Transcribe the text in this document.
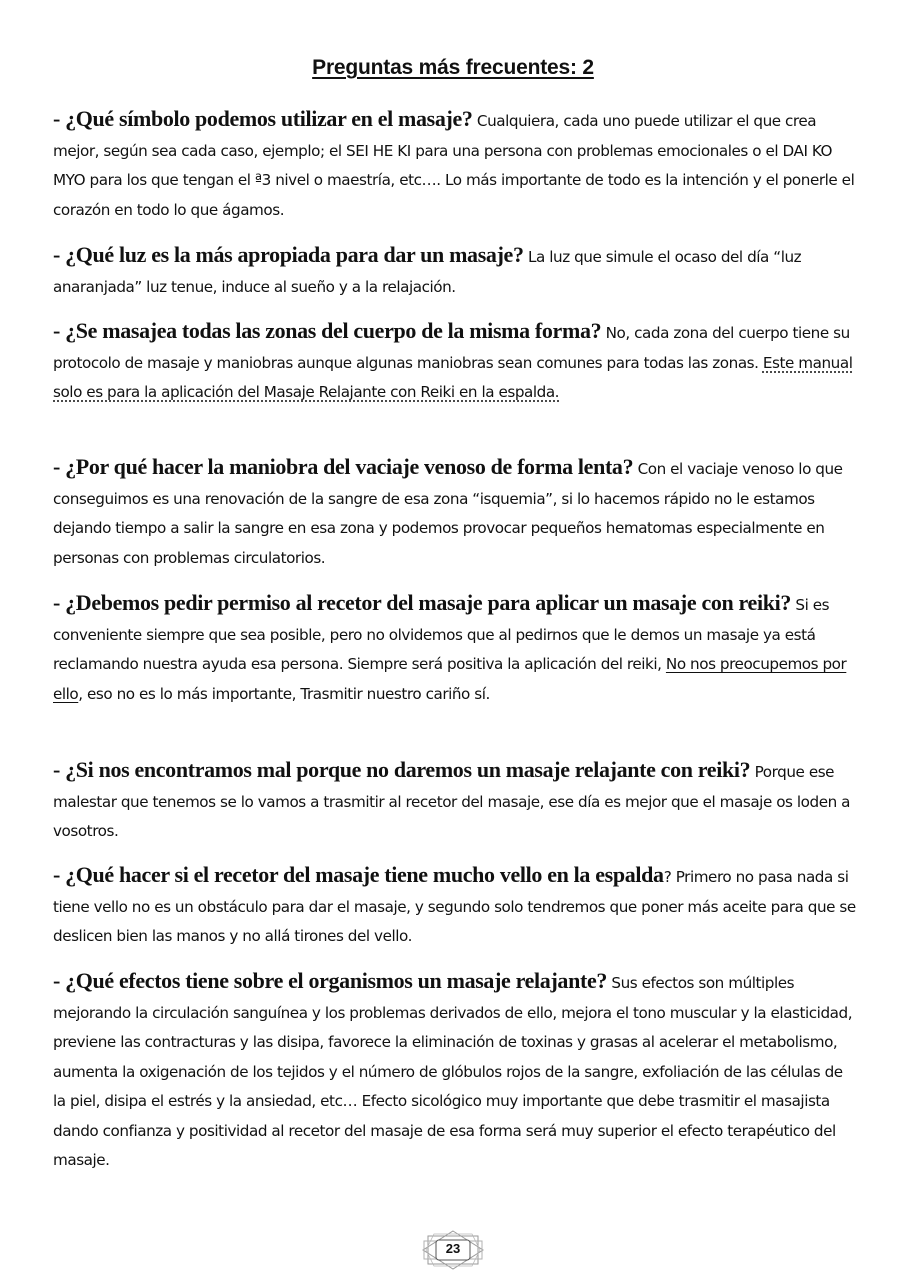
Preguntas más frecuentes: 2
- ¿Qué símbolo podemos utilizar en el masaje? Cualquiera, cada uno puede utilizar el que crea mejor, según sea cada caso, ejemplo; el SEI HE KI para una persona con problemas emocionales o el DAI KO MYO para los que tengan el ª3 nivel o maestría, etc…. Lo más importante de todo es la intención y el ponerle el corazón en todo lo que ágamos.
- ¿Qué luz es la más apropiada para dar un masaje? La luz que simule el ocaso del día “luz anaranjada” luz tenue, induce al sueño y a la relajación.
- ¿Se masajea todas las zonas del cuerpo de la misma forma? No, cada zona del cuerpo tiene su protocolo de masaje y maniobras aunque algunas maniobras sean comunes para todas las zonas. Este manual solo es para la aplicación del Masaje Relajante con Reiki en la espalda.
- ¿Por qué hacer la maniobra del vaciaje venoso de forma lenta? Con el vaciaje venoso lo que conseguimos es una renovación de la sangre de esa zona “isquemia”, si lo hacemos rápido no le estamos dejando tiempo a salir la sangre en esa zona y podemos provocar pequeños hematomas especialmente en personas con problemas circulatorios.
- ¿Debemos pedir permiso al recetor del masaje para aplicar un masaje con reiki? Si es conveniente siempre que sea posible, pero no olvidemos que al pedirnos que le demos un masaje ya está reclamando nuestra ayuda esa persona. Siempre será positiva la aplicación del reiki, No nos preocupemos por ello, eso no es lo más importante, Trasmitir nuestro cariño sí.
- ¿Si nos encontramos mal porque no daremos un masaje relajante con reiki? Porque ese malestar que tenemos se lo vamos a trasmitir al recetor del masaje, ese día es mejor que el masaje os loden a vosotros.
- ¿Qué hacer si el recetor del masaje tiene mucho vello en la espalda? Primero no pasa nada si tiene vello no es un obstáculo para dar el masaje, y segundo solo tendremos que poner más aceite para que se deslicen bien las manos y no allá tirones del vello.
- ¿Qué efectos tiene sobre el organismos un masaje relajante? Sus efectos son múltiples mejorando la circulación sanguínea y los problemas derivados de ello, mejora el tono muscular y la elasticidad, previene las contracturas y las disipa, favorece la eliminación de toxinas y grasas al acelerar el metabolismo, aumenta la oxigenación de los tejidos y el número de glóbulos rojos de la sangre, exfoliación de las células de la piel, disipa el estrés y la ansiedad, etc… Efecto sicológico muy importante que debe trasmitir el masajista dando confianza y positividad al recetor del masaje de esa forma será muy superior el efecto terapéutico del masaje.
23
